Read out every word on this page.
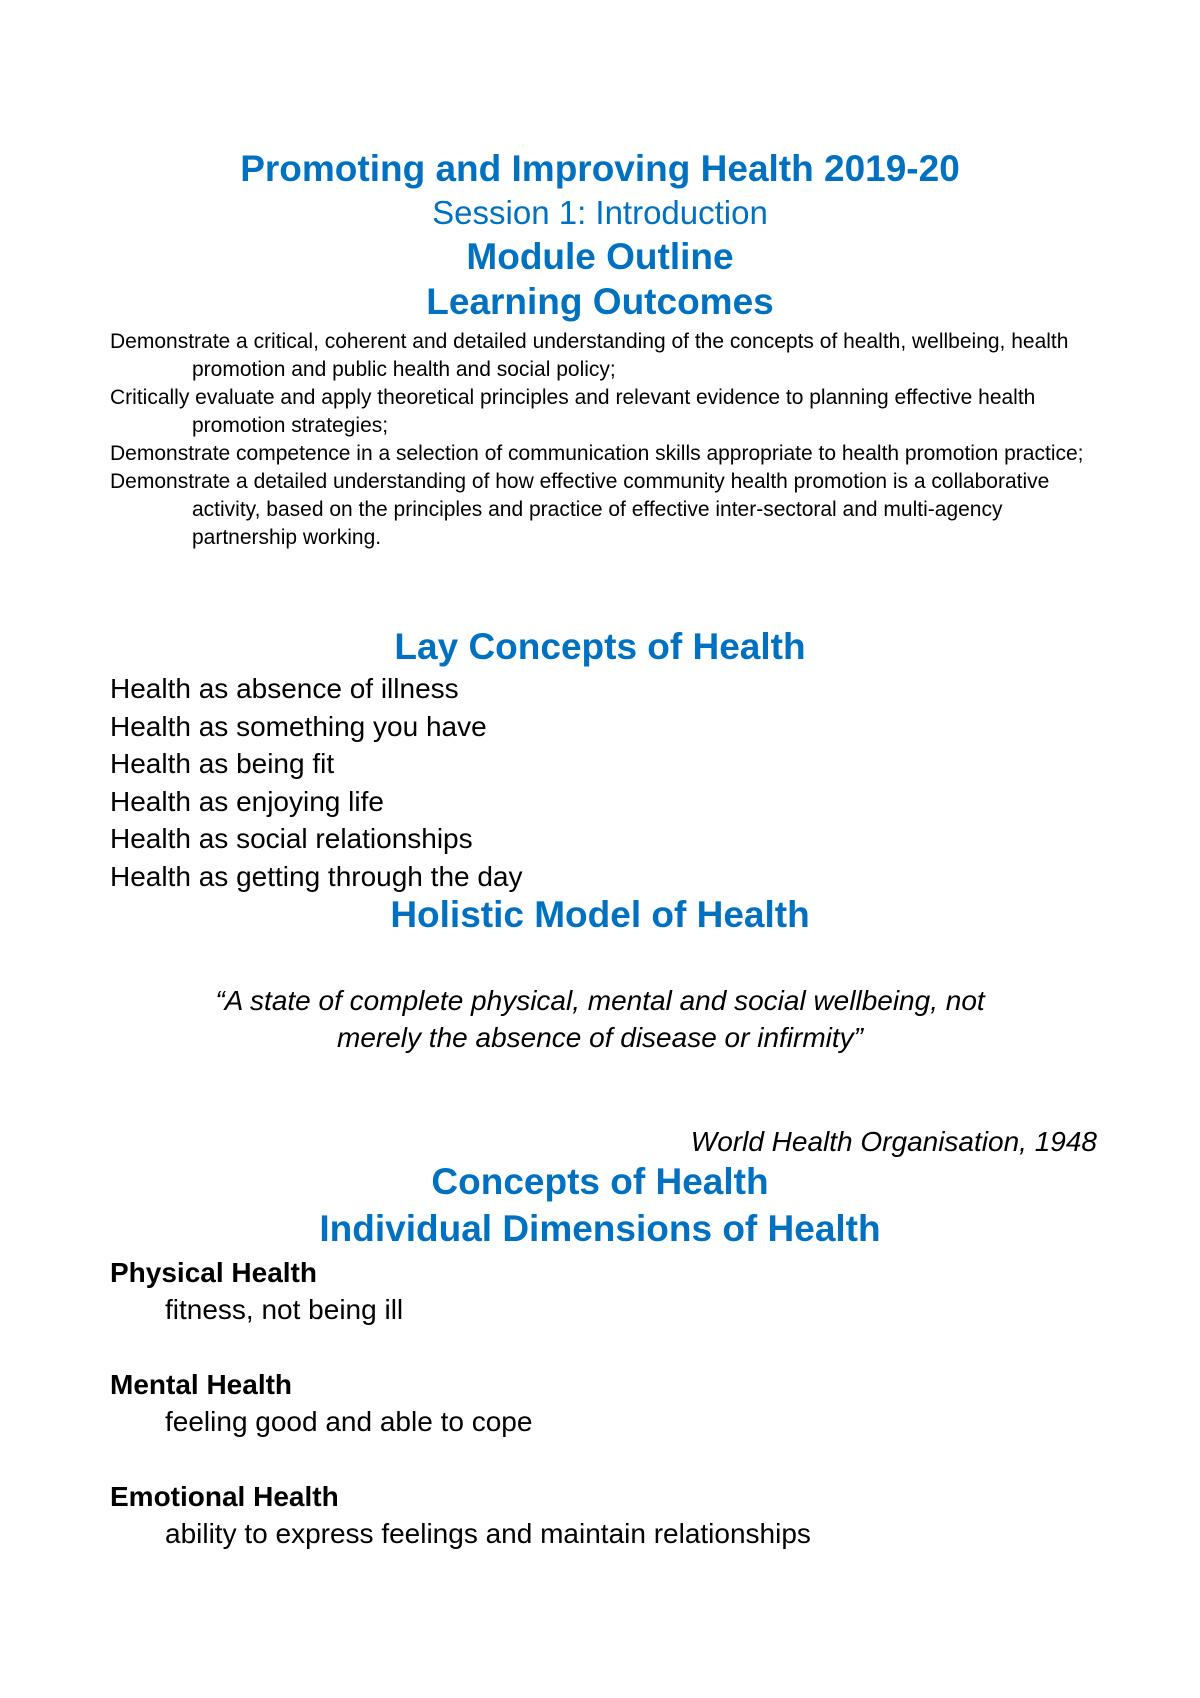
Promoting and Improving Health 2019-20
Session 1: Introduction
Module Outline
Learning Outcomes
Demonstrate a critical, coherent and detailed understanding of the concepts of health, wellbeing, health promotion and public health and social policy;
Critically evaluate and apply theoretical principles and relevant evidence to planning effective health promotion strategies;
Demonstrate competence in a selection of communication skills appropriate to health promotion practice;
Demonstrate a detailed understanding of how effective community health promotion is a collaborative activity, based on the principles and practice of effective inter-sectoral and multi-agency partnership working.
Lay Concepts of Health
Health as absence of illness
Health as something you have
Health as being fit
Health as enjoying life
Health as social relationships
Health as getting through the day
Holistic Model of Health
“A state of complete physical, mental and social wellbeing, not
merely the absence of disease or infirmity”
World Health Organisation, 1948
Concepts of Health
Individual Dimensions of Health
Physical Health
fitness, not being ill
Mental Health
feeling good and able to cope
Emotional Health
ability to express feelings and maintain relationships
